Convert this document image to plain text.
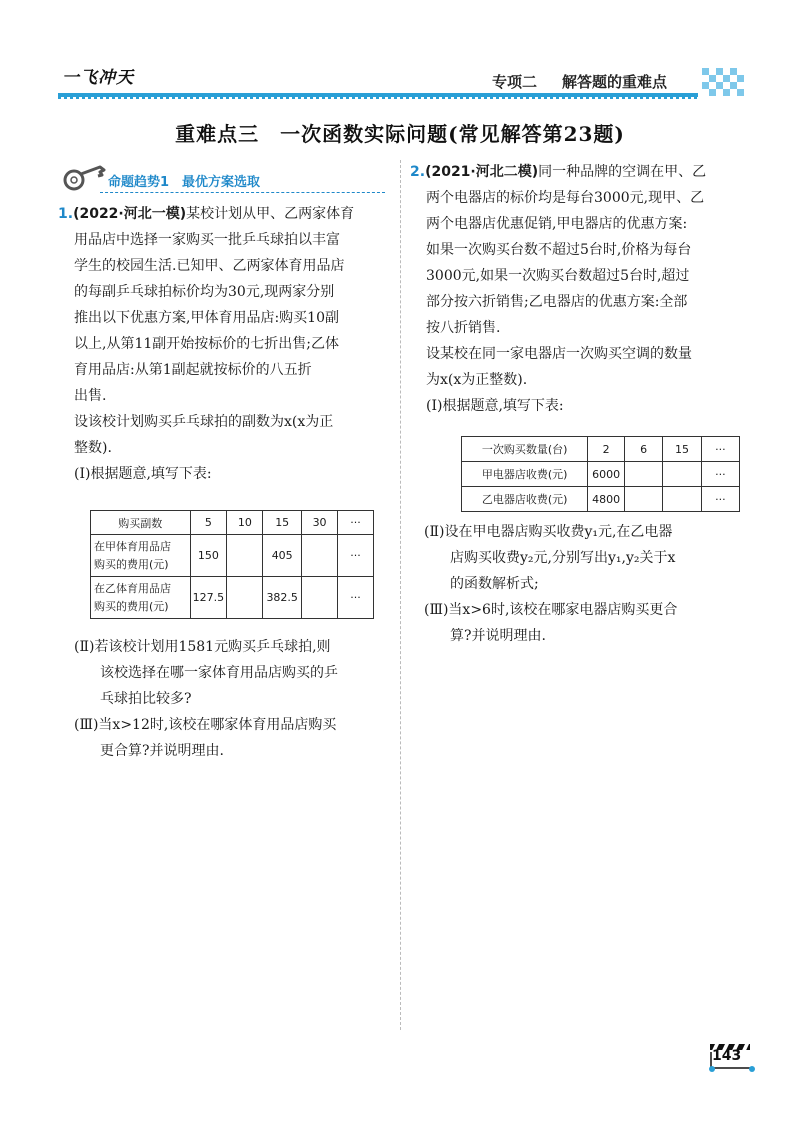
一飞冲天	专项二 解答题的重难点
重难点三　一次函数实际问题(常见解答第23题)
命题趋势1　最优方案选取

1.(2022·河北一模)某校计划从甲、乙两家体育

用品店中选择一家购买一批乒乓球拍以丰富

学生的校园生活.已知甲、乙两家体育用品店

的每副乒乓球拍标价均为30元,现两家分别

推出以下优惠方案,甲体育用品店:购买10副

以上,从第11副开始按标价的七折出售;乙体

育用品店:从第1副起就按标价的八五折

出售.

设该校计划购买乒乓球拍的副数为x(x为正

整数).

(Ⅰ)根据题意,填写下表:

购买副数	5	10	15	30	···

在甲体育用品店
购买的费用(元)	150		405		···

在乙体育用品店
购买的费用(元)	127.5		382.5		···

(Ⅱ)若该校计划用1581元购买乒乓球拍,则

该校选择在哪一家体育用品店购买的乒

乓球拍比较多?

(Ⅲ)当x>12时,该校在哪家体育用品店购买

更合算?并说明理由.

2.(2021·河北二模)同一种品牌的空调在甲、乙

两个电器店的标价均是每台3000元,现甲、乙

两个电器店优惠促销,甲电器店的优惠方案:

如果一次购买台数不超过5台时,价格为每台

3000元,如果一次购买台数超过5台时,超过

部分按六折销售;乙电器店的优惠方案:全部

按八折销售.

设某校在同一家电器店一次购买空调的数量

为x(x为正整数).

(Ⅰ)根据题意,填写下表:

一次购买数量(台)	2	6	15	···
甲电器店收费(元)	6000			···
乙电器店收费(元)	4800			···

(Ⅱ)设在甲电器店购买收费y₁元,在乙电器

店购买收费y₂元,分别写出y₁,y₂关于x

的函数解析式;

(Ⅲ)当x>6时,该校在哪家电器店购买更合

算?并说明理由.

143
